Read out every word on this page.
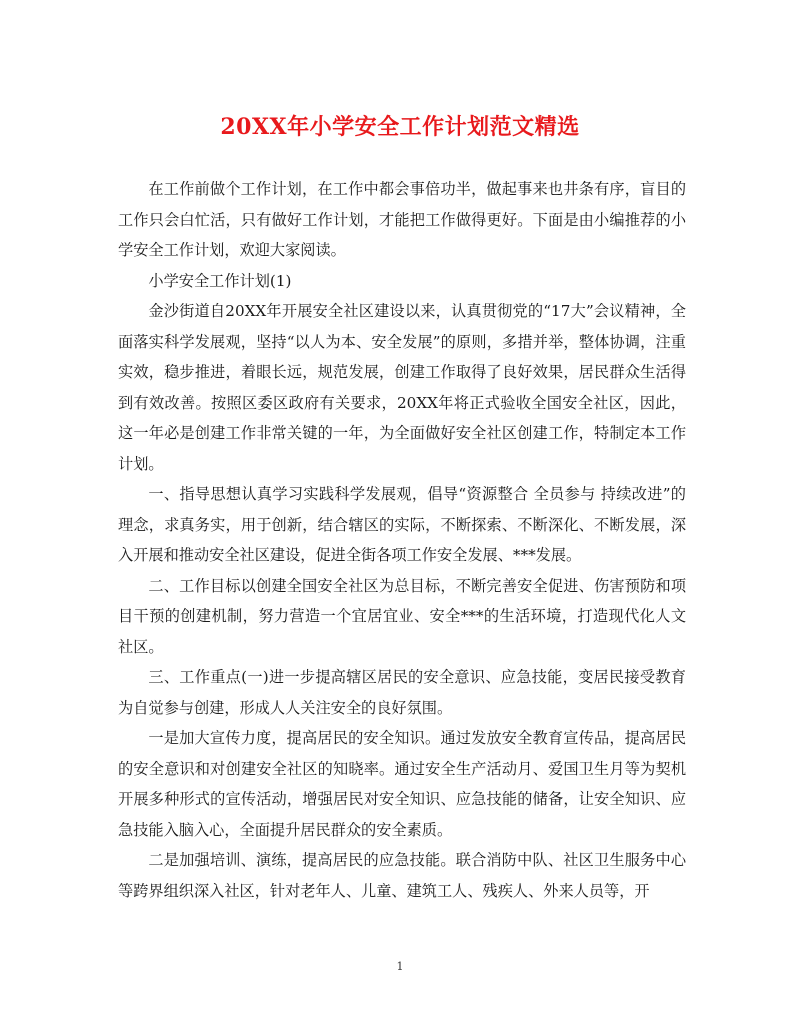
20XX年小学安全工作计划范文精选

在工作前做个工作计划，在工作中都会事倍功半，做起事来也井条有序，盲目的工作只会白忙活，只有做好工作计划，才能把工作做得更好。下面是由小编推荐的小学安全工作计划，欢迎大家阅读。

小学安全工作计划(1)

金沙街道自20XX年开展安全社区建设以来，认真贯彻党的“17大”会议精神，全面落实科学发展观，坚持“以人为本、安全发展”的原则，多措并举，整体协调，注重实效，稳步推进，着眼长远，规范发展，创建工作取得了良好效果，居民群众生活得到有效改善。按照区委区政府有关要求，20XX年将正式验收全国安全社区，因此，这一年必是创建工作非常关键的一年，为全面做好安全社区创建工作，特制定本工作计划。

一、指导思想认真学习实践科学发展观，倡导“资源整合 全员参与 持续改进”的理念，求真务实，用于创新，结合辖区的实际，不断探索、不断深化、不断发展，深入开展和推动安全社区建设，促进全街各项工作安全发展、***发展。

二、工作目标以创建全国安全社区为总目标，不断完善安全促进、伤害预防和项目干预的创建机制，努力营造一个宜居宜业、安全***的生活环境，打造现代化人文社区。

三、工作重点(一)进一步提高辖区居民的安全意识、应急技能，变居民接受教育为自觉参与创建，形成人人关注安全的良好氛围。

一是加大宣传力度，提高居民的安全知识。通过发放安全教育宣传品，提高居民的安全意识和对创建安全社区的知晓率。通过安全生产活动月、爱国卫生月等为契机开展多种形式的宣传活动，增强居民对安全知识、应急技能的储备，让安全知识、应急技能入脑入心，全面提升居民群众的安全素质。

二是加强培训、演练，提高居民的应急技能。联合消防中队、社区卫生服务中心等跨界组织深入社区，针对老年人、儿童、建筑工人、残疾人、外来人员等，开

1
